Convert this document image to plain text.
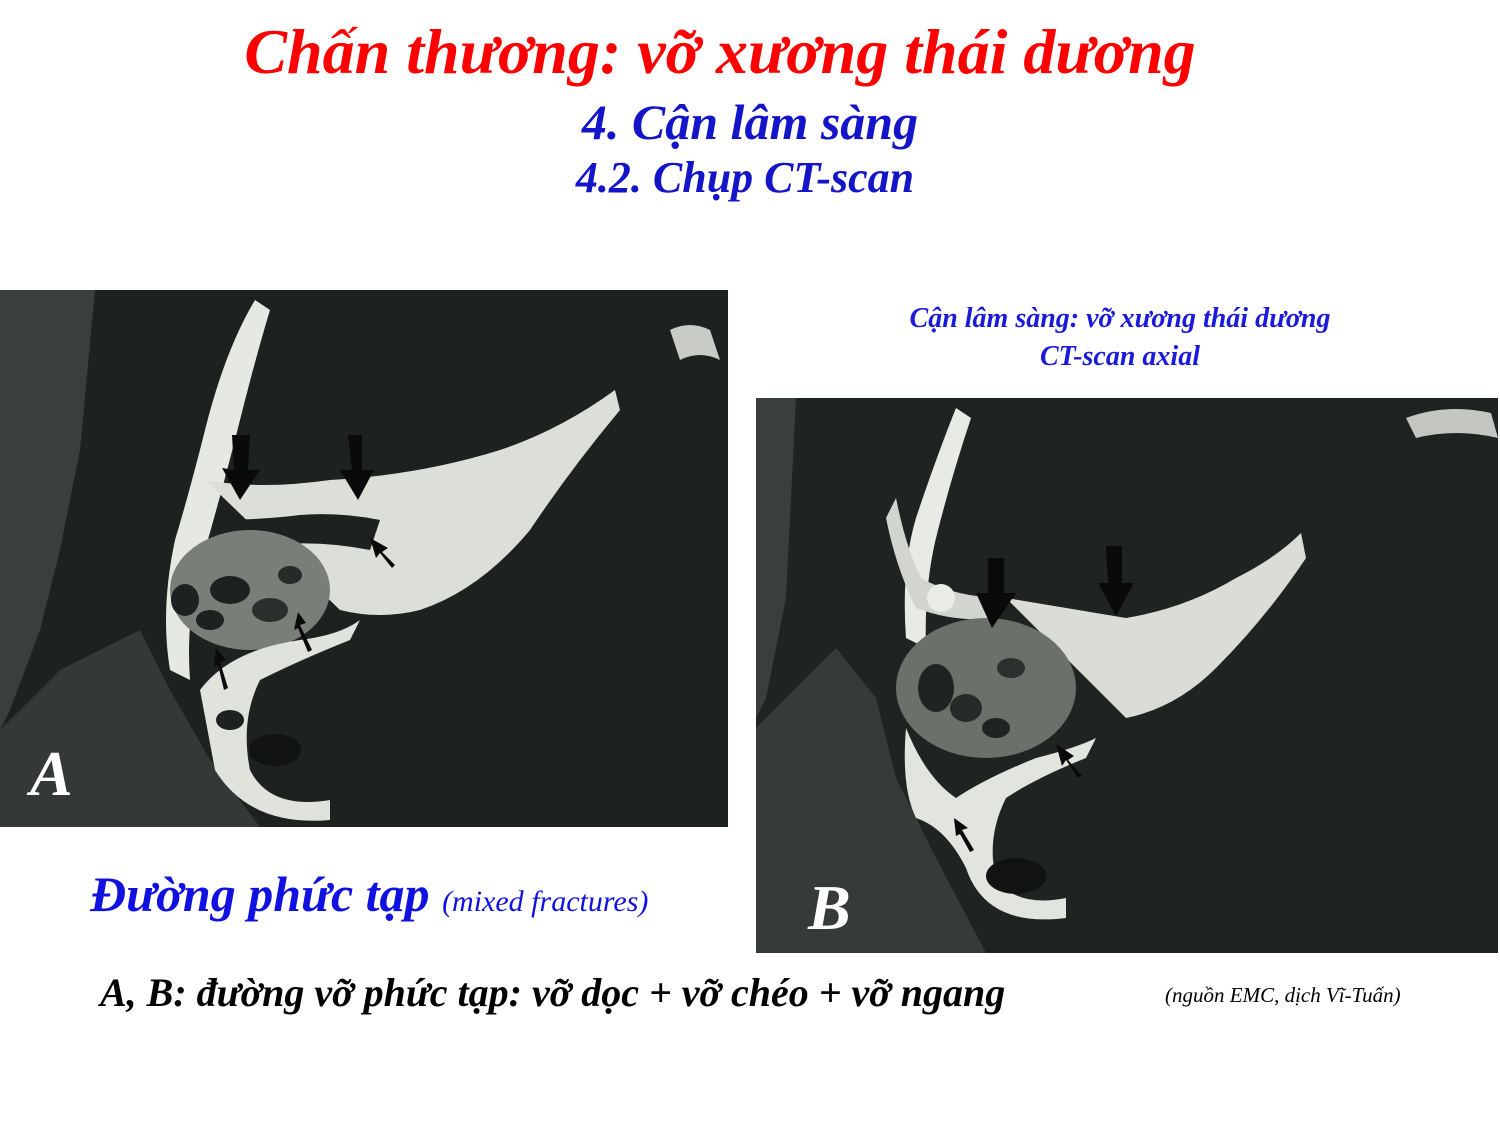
Chấn thương: vỡ xương thái dương
4. Cận lâm sàng
4.2. Chụp CT-scan
A
Cận lâm sàng: vỡ xương thái dương
CT-scan axial
B
Đường phức tạp (mixed fractures)
A, B: đường vỡ phức tạp: vỡ dọc + vỡ chéo + vỡ ngang	(nguồn EMC, dịch Vĩ-Tuấn)
